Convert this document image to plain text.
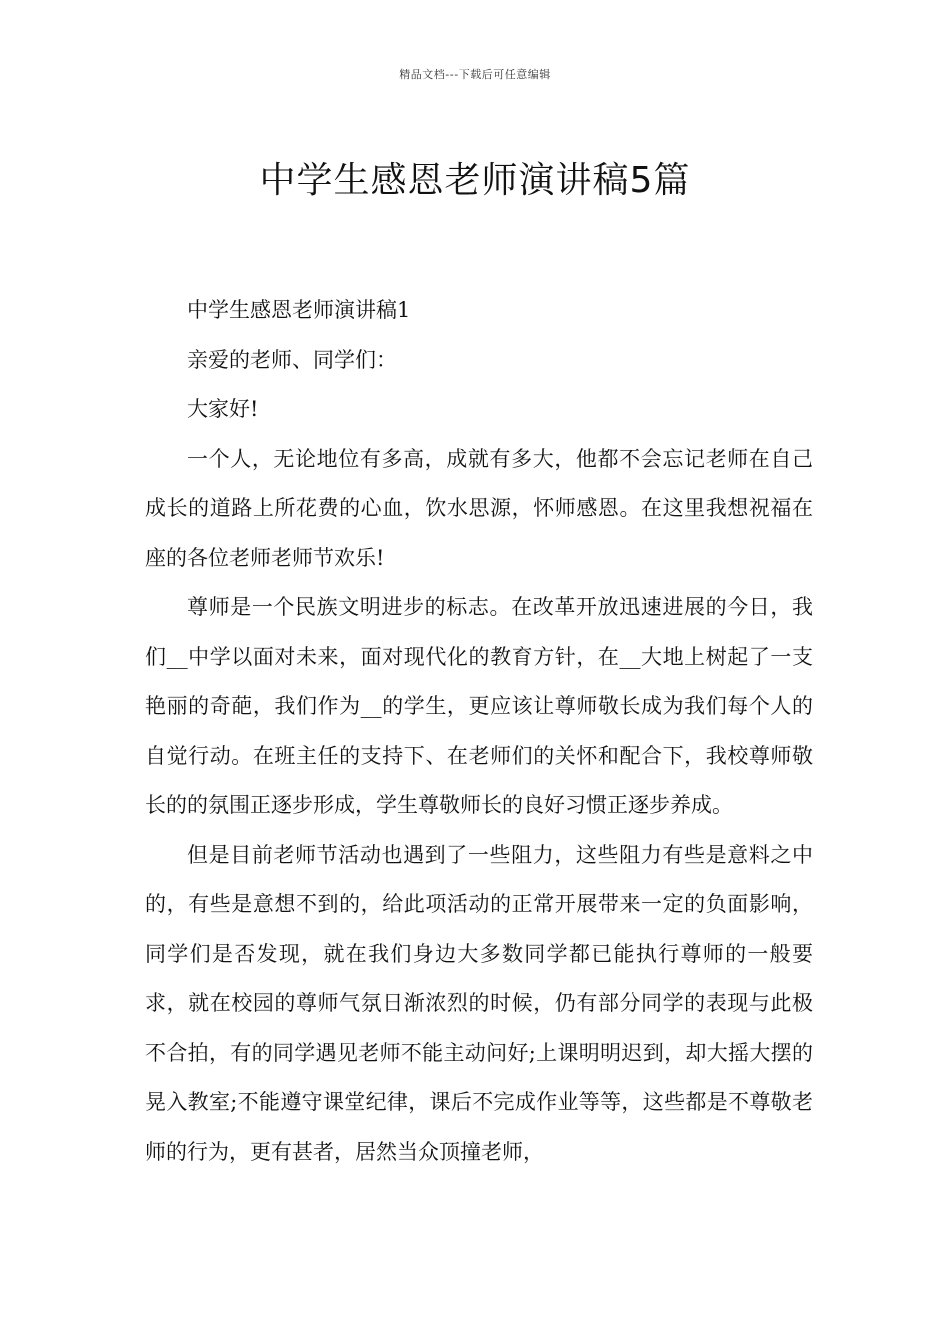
精品文档---下载后可任意编辑
中学生感恩老师演讲稿5篇

中学生感恩老师演讲稿1

亲爱的老师、同学们：

大家好!

一个人，无论地位有多高，成就有多大，他都不会忘记老师在自己成长的道路上所花费的心血，饮水思源，怀师感恩。在这里我想祝福在座的各位老师老师节欢乐!

尊师是一个民族文明进步的标志。在改革开放迅速进展的今日，我们__中学以面对未来，面对现代化的教育方针，在__大地上树起了一支艳丽的奇葩，我们作为__的学生，更应该让尊师敬长成为我们每个人的自觉行动。在班主任的支持下、在老师们的关怀和配合下，我校尊师敬长的的氛围正逐步形成，学生尊敬师长的良好习惯正逐步养成。

但是目前老师节活动也遇到了一些阻力，这些阻力有些是意料之中的，有些是意想不到的，给此项活动的正常开展带来一定的负面影响，同学们是否发现，就在我们身边大多数同学都已能执行尊师的一般要求，就在校园的尊师气氛日渐浓烈的时候，仍有部分同学的表现与此极不合拍，有的同学遇见老师不能主动问好;上课明明迟到，却大摇大摆的晃入教室;不能遵守课堂纪律，课后不完成作业等等，这些都是不尊敬老师的行为，更有甚者，居然当众顶撞老师，
